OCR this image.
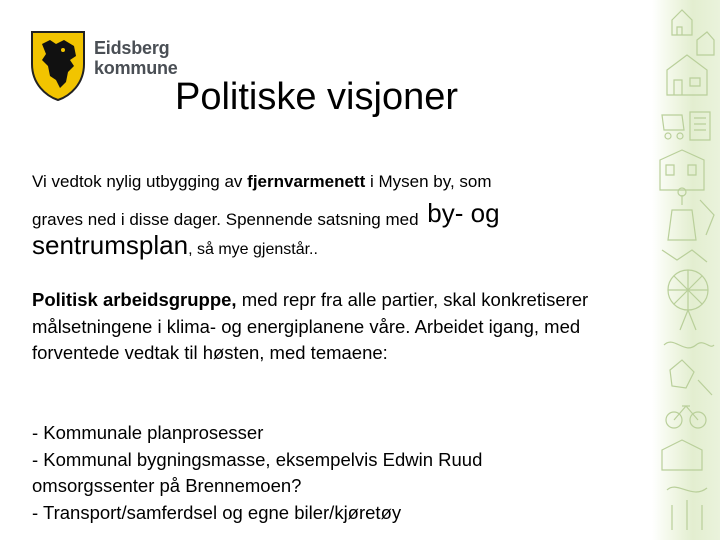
Eidsberg
kommune
Politiske visjoner
Vi vedtok nylig utbygging av fjernvarmenett i Mysen by, som
graves ned i disse dager. Spennende satsning med by- og
sentrumsplan, så mye gjenstår..

Politisk arbeidsgruppe, med repr fra alle partier, skal konkretiserer målsetningene i klima- og energiplanene våre. Arbeidet igang, med forventede vedtak til høsten, med temaene:

- Kommunale planprosesser
- Kommunal bygningsmasse, eksempelvis Edwin Ruud
omsorgssenter på Brennemoen?
- Transport/samferdsel og egne biler/kjøretøy
